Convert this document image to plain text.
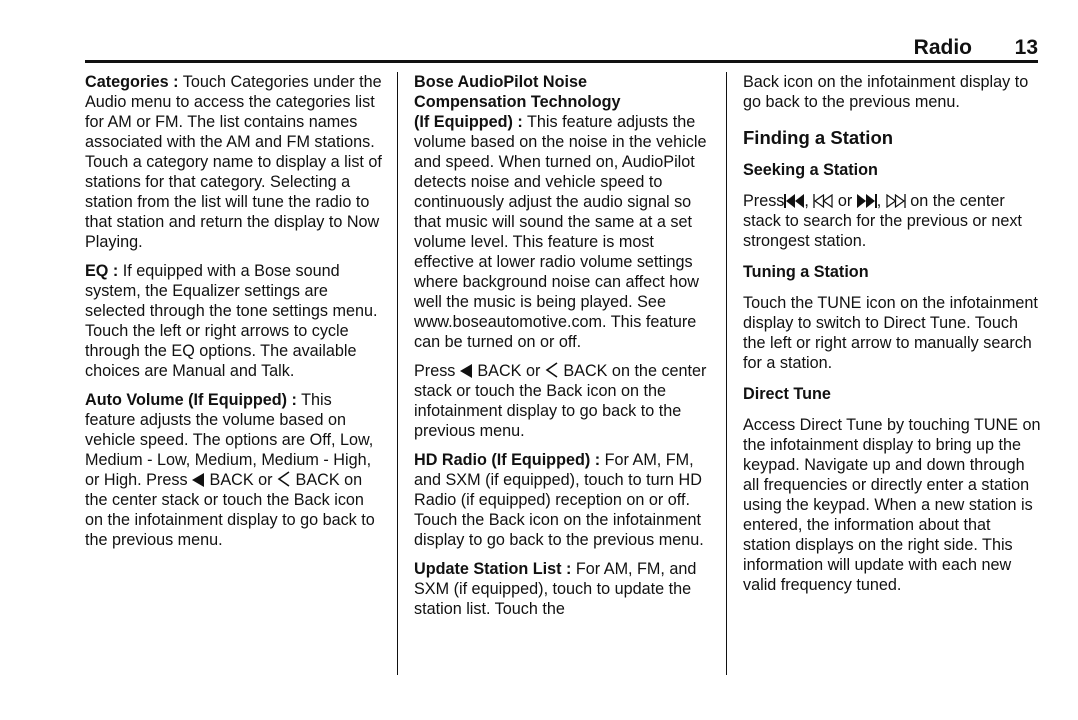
Radio 13

Categories : Touch Categories under the Audio menu to access the categories list for AM or FM. The list contains names associated with the AM and FM stations. Touch a category name to display a list of stations for that category. Selecting a station from the list will tune the radio to that station and return the display to Now Playing.

EQ : If equipped with a Bose sound system, the Equalizer settings are selected through the tone settings menu. Touch the left or right arrows to cycle through the EQ options. The available choices are Manual and Talk.

Auto Volume (If Equipped) : This feature adjusts the volume based on vehicle speed. The options are Off, Low, Medium - Low, Medium, Medium - High, or High. Press  BACK or  BACK on the center stack or touch the Back icon on the infotainment display to go back to the previous menu.

Bose AudioPilot Noise
Compensation Technology
(If Equipped) : This feature adjusts the volume based on the noise in the vehicle and speed. When turned on, AudioPilot detects noise and vehicle speed to continuously adjust the audio signal so that music will sound the same at a set volume level. This feature is most effective at lower radio volume settings where background noise can affect how well the music is being played. See www.boseautomotive.com. This feature can be turned on or off.

Press  BACK or  BACK on the center stack or touch the Back icon on the infotainment display to go back to the previous menu.

HD Radio (If Equipped) : For AM, FM, and SXM (if equipped), touch to turn HD Radio (if equipped) reception on or off. Touch the Back icon on the infotainment display to go back to the previous menu.

Update Station List : For AM, FM, and SXM (if equipped), touch to update the station list. Touch the

Back icon on the infotainment display to go back to the previous menu.

Finding a Station
Seeking a Station

Press ,  or ,  on the center stack to search for the previous or next strongest station.

Tuning a Station

Touch the TUNE icon on the infotainment display to switch to Direct Tune. Touch the left or right arrow to manually search for a station.

Direct Tune

Access Direct Tune by touching TUNE on the infotainment display to bring up the keypad. Navigate up and down through all frequencies or directly enter a station using the keypad. When a new station is entered, the information about that station displays on the right side. This information will update with each new valid frequency tuned.
